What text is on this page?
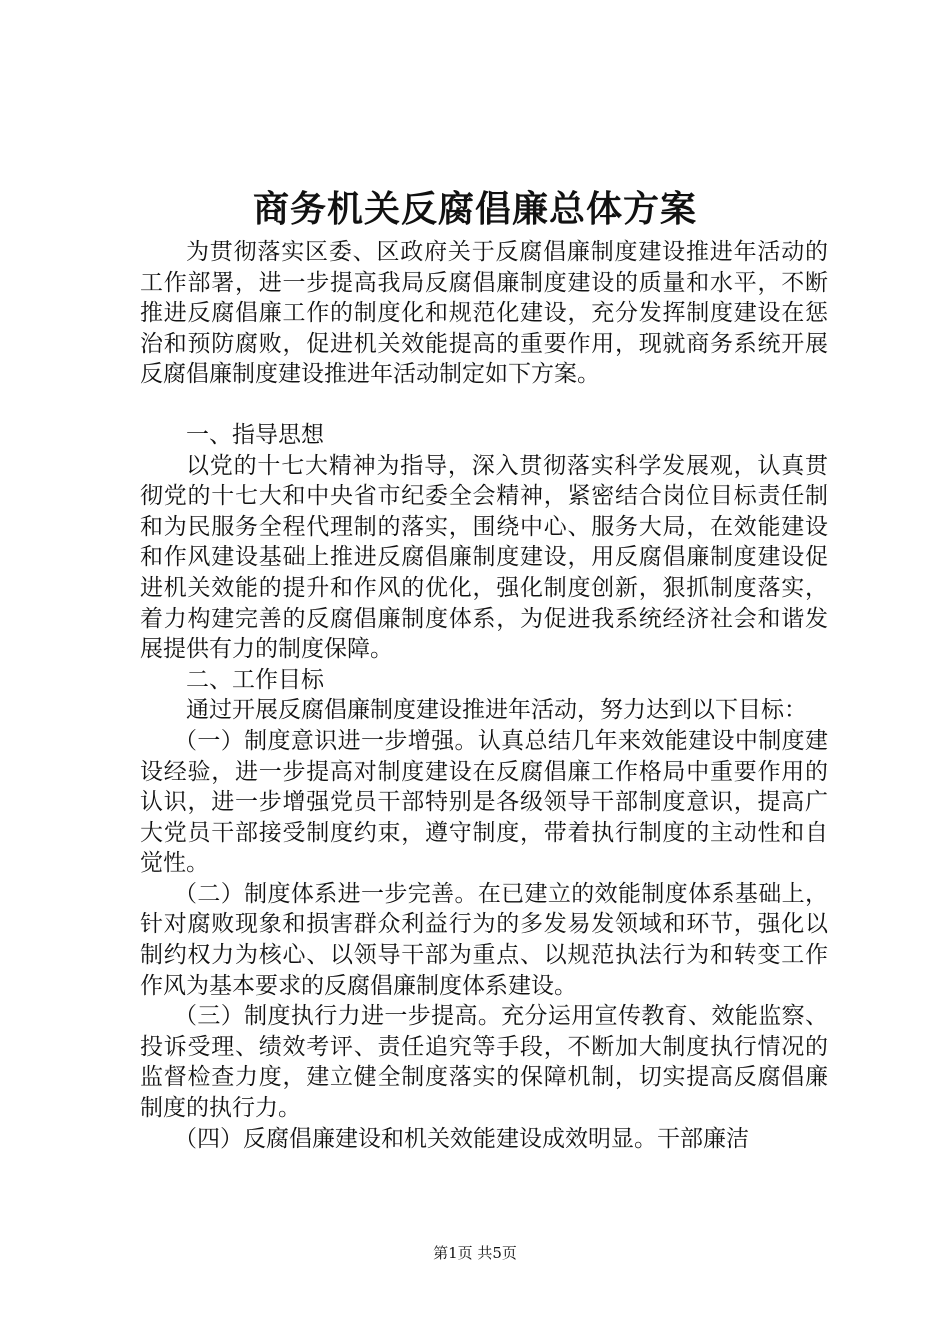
商务机关反腐倡廉总体方案

为贯彻落实区委、区政府关于反腐倡廉制度建设推进年活动的工作部署，进一步提高我局反腐倡廉制度建设的质量和水平，不断推进反腐倡廉工作的制度化和规范化建设，充分发挥制度建设在惩治和预防腐败，促进机关效能提高的重要作用，现就商务系统开展反腐倡廉制度建设推进年活动制定如下方案。

一、指导思想

以党的十七大精神为指导，深入贯彻落实科学发展观，认真贯彻党的十七大和中央省市纪委全会精神，紧密结合岗位目标责任制和为民服务全程代理制的落实，围绕中心、服务大局，在效能建设和作风建设基础上推进反腐倡廉制度建设，用反腐倡廉制度建设促进机关效能的提升和作风的优化，强化制度创新，狠抓制度落实，着力构建完善的反腐倡廉制度体系，为促进我系统经济社会和谐发展提供有力的制度保障。

二、工作目标

通过开展反腐倡廉制度建设推进年活动，努力达到以下目标：

（一）制度意识进一步增强。认真总结几年来效能建设中制度建设经验，进一步提高对制度建设在反腐倡廉工作格局中重要作用的认识，进一步增强党员干部特别是各级领导干部制度意识，提高广大党员干部接受制度约束，遵守制度，带着执行制度的主动性和自觉性。

（二）制度体系进一步完善。在已建立的效能制度体系基础上，针对腐败现象和损害群众利益行为的多发易发领域和环节，强化以制约权力为核心、以领导干部为重点、以规范执法行为和转变工作作风为基本要求的反腐倡廉制度体系建设。

（三）制度执行力进一步提高。充分运用宣传教育、效能监察、投诉受理、绩效考评、责任追究等手段，不断加大制度执行情况的监督检查力度，建立健全制度落实的保障机制，切实提高反腐倡廉制度的执行力。

（四）反腐倡廉建设和机关效能建设成效明显。干部廉洁

第1页 共5页
